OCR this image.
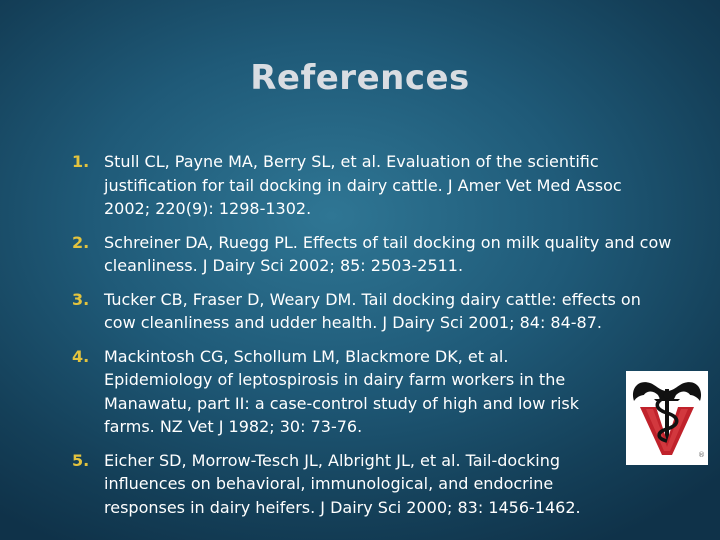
References
1. Stull CL, Payne MA, Berry SL, et al. Evaluation of the scientific justification for tail docking in dairy cattle. J Amer Vet Med Assoc 2002; 220(9): 1298-1302.
2. Schreiner DA, Ruegg PL. Effects of tail docking on milk quality and cow cleanliness. J Dairy Sci 2002; 85: 2503-2511.
3. Tucker CB, Fraser D, Weary DM. Tail docking dairy cattle: effects on cow cleanliness and udder health. J Dairy Sci 2001; 84: 84-87.
4. Mackintosh CG, Schollum LM, Blackmore DK, et al. Epidemiology of leptospirosis in dairy farm workers in the Manawatu, part II: a case-control study of high and low risk farms. NZ Vet J 1982; 30: 73-76.
5. Eicher SD, Morrow-Tesch JL, Albright JL, et al. Tail-docking influences on behavioral, immunological, and endocrine responses in dairy heifers. J Dairy Sci 2000; 83: 1456-1462.
®
